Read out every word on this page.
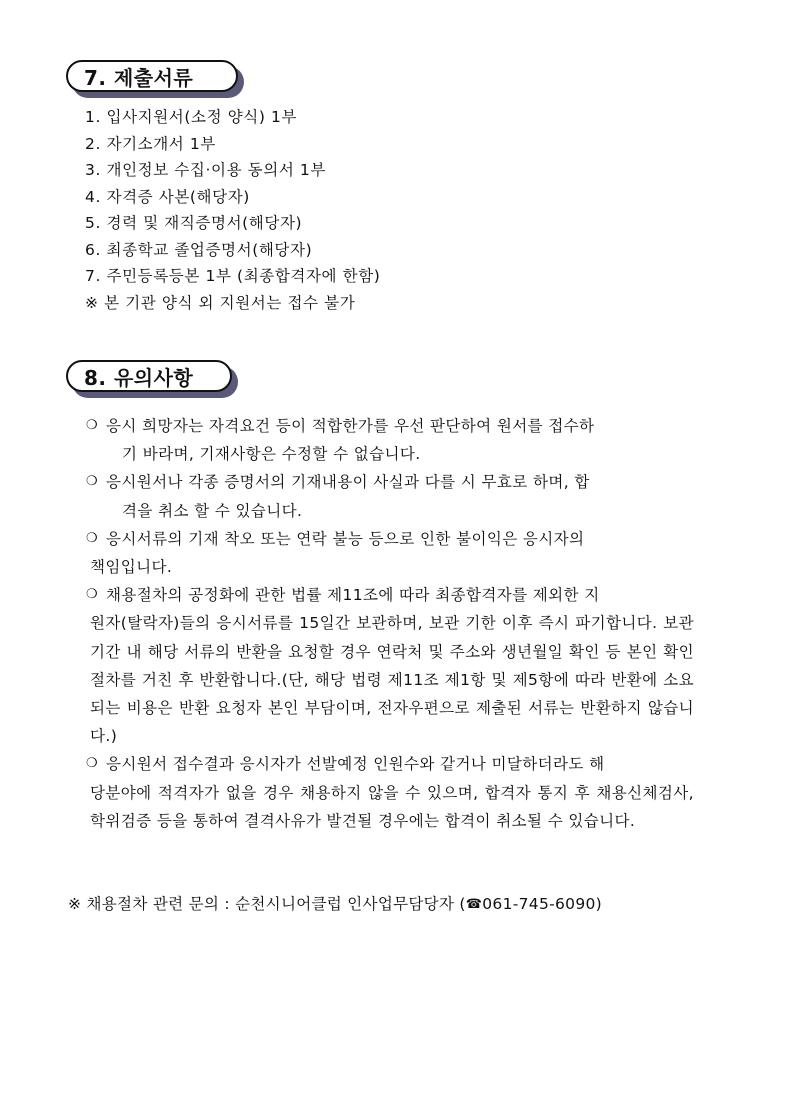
7. 제출서류
1. 입사지원서(소정 양식) 1부
2. 자기소개서 1부
3. 개인정보 수집·이용 동의서 1부
4. 자격증 사본(해당자)
5. 경력 및 재직증명서(해당자)
6. 최종학교 졸업증명서(해당자)
7. 주민등록등본 1부 (최종합격자에 한함)
※ 본 기관 양식 외 지원서는 접수 불가
8. 유의사항
❍ 응시 희망자는 자격요건 등이 적합한가를 우선 판단하여 원서를 접수하
기 바라며, 기재사항은 수정할 수 없습니다.
❍ 응시원서나 각종 증명서의 기재내용이 사실과 다를 시 무효로 하며, 합
격을 취소 할 수 있습니다.
❍ 응시서류의 기재 착오 또는 연락 불능 등으로 인한 불이익은 응시자의
책임입니다.
❍ 채용절차의 공정화에 관한 법률 제11조에 따라 최종합격자를 제외한 지
원자(탈락자)들의 응시서류를 15일간 보관하며, 보관 기한 이후 즉시 파기합니다. 보관 기간 내 해당 서류의 반환을 요청할 경우 연락처 및 주소와 생년월일 확인 등 본인 확인 절차를 거친 후 반환합니다.(단, 해당 법령 제11조 제1항 및 제5항에 따라 반환에 소요되는 비용은 반환 요청자 본인 부담이며, 전자우편으로 제출된 서류는 반환하지 않습니다.)
❍ 응시원서 접수결과 응시자가 선발예정 인원수와 같거나 미달하더라도 해
당분야에 적격자가 없을 경우 채용하지 않을 수 있으며, 합격자 통지 후 채용신체검사, 학위검증 등을 통하여 결격사유가 발견될 경우에는 합격이 취소될 수 있습니다.
※ 채용절차 관련 문의 : 순천시니어클럽 인사업무담당자 (☎061-745-6090)
